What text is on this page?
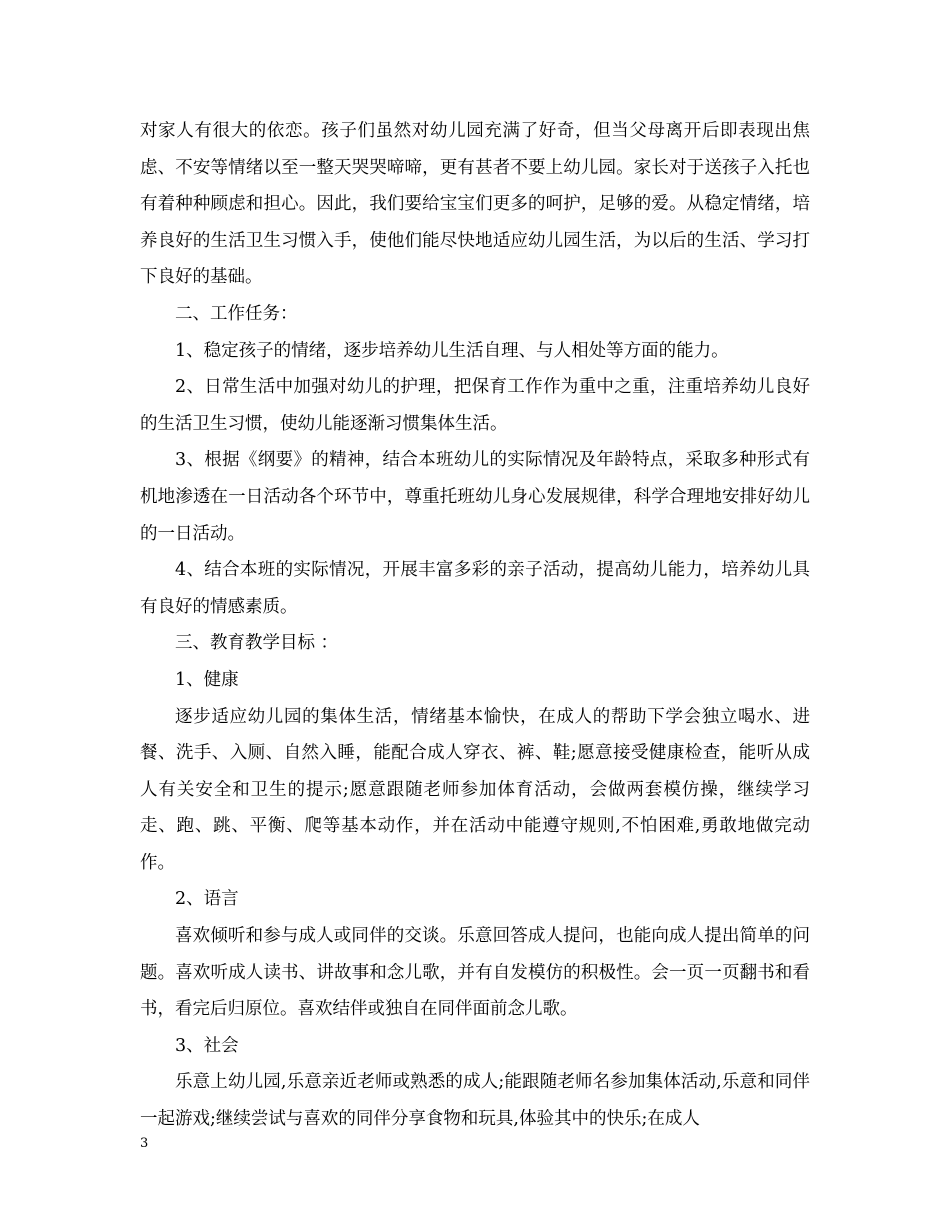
对家人有很大的依恋。孩子们虽然对幼儿园充满了好奇，但当父母离开后即表现出焦虑、不安等情绪以至一整天哭哭啼啼，更有甚者不要上幼儿园。家长对于送孩子入托也有着种种顾虑和担心。因此，我们要给宝宝们更多的呵护，足够的爱。从稳定情绪，培养良好的生活卫生习惯入手，使他们能尽快地适应幼儿园生活，为以后的生活、学习打下良好的基础。

二、工作任务：

1、稳定孩子的情绪，逐步培养幼儿生活自理、与人相处等方面的能力。

2、日常生活中加强对幼儿的护理，把保育工作作为重中之重，注重培养幼儿良好的生活卫生习惯，使幼儿能逐渐习惯集体生活。

3、根据《纲要》的精神，结合本班幼儿的实际情况及年龄特点，采取多种形式有机地渗透在一日活动各个环节中，尊重托班幼儿身心发展规律，科学合理地安排好幼儿的一日活动。

4、结合本班的实际情况，开展丰富多彩的亲子活动，提高幼儿能力，培养幼儿具有良好的情感素质。

三、教育教学目标 ：

1、健康

逐步适应幼儿园的集体生活，情绪基本愉快，在成人的帮助下学会独立喝水、进餐、洗手、入厕、自然入睡，能配合成人穿衣、裤、鞋;愿意接受健康检查，能听从成人有关安全和卫生的提示;愿意跟随老师参加体育活动，会做两套模仿操，继续学习走、跑、跳、平衡、爬等基本动作，并在活动中能遵守规则,不怕困难,勇敢地做完动作。

2、语言

喜欢倾听和参与成人或同伴的交谈。乐意回答成人提问，也能向成人提出简单的问题。喜欢听成人读书、讲故事和念儿歌，并有自发模仿的积极性。会一页一页翻书和看书，看完后归原位。喜欢结伴或独自在同伴面前念儿歌。

3、社会

乐意上幼儿园,乐意亲近老师或熟悉的成人;能跟随老师名参加集体活动,乐意和同伴一起游戏;继续尝试与喜欢的同伴分享食物和玩具,体验其中的快乐;在成人

3
